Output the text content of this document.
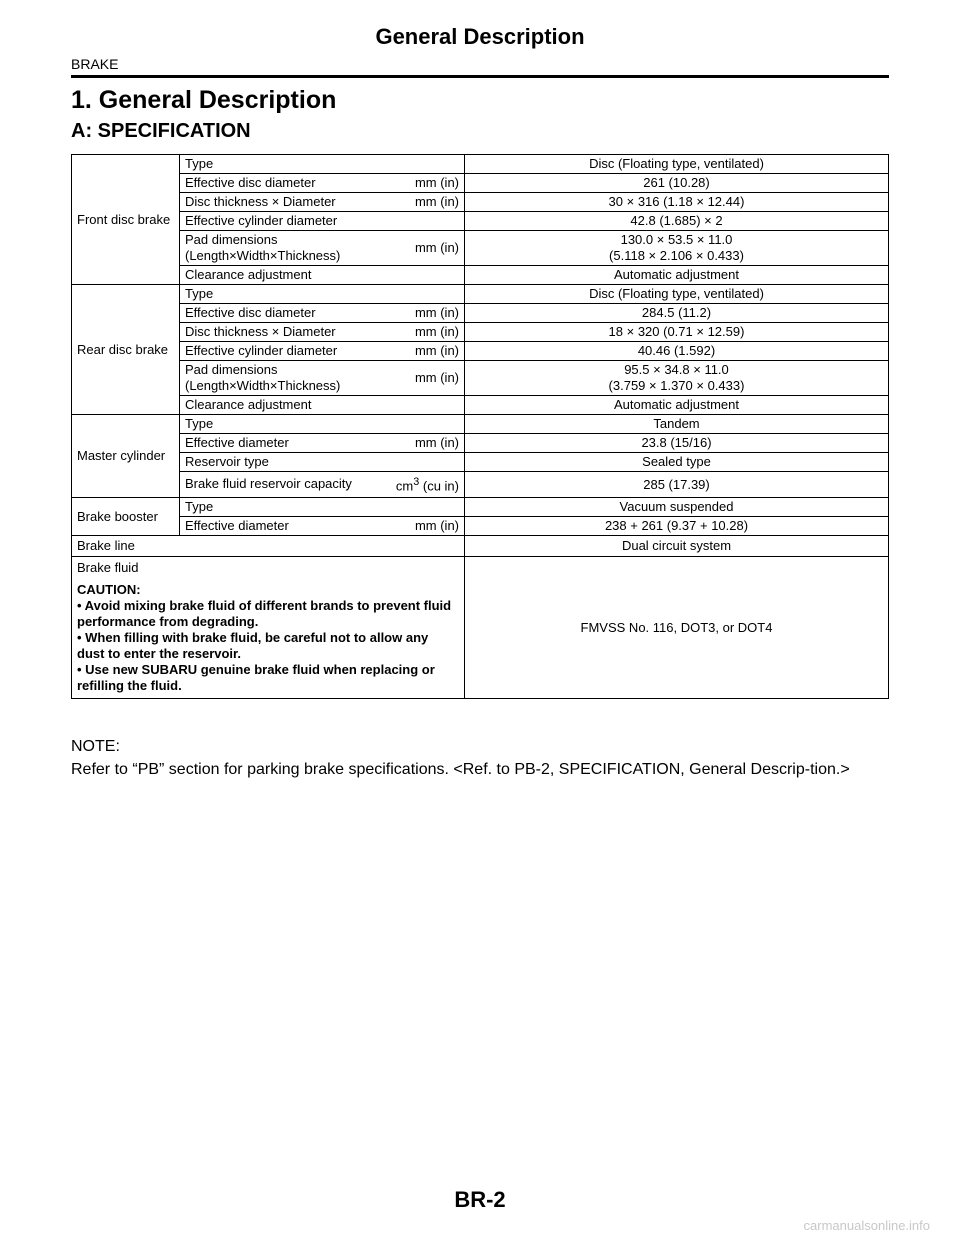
General Description
BRAKE
1. General Description
A: SPECIFICATION
Front disc brake	Type	Disc (Floating type, ventilated)

	Effective disc diameter mm (in)	261 (10.28)

	Disc thickness × Diameter mm (in)	30 × 316 (1.18 × 12.44)

	Effective cylinder diameter	42.8 (1.685) × 2

	Pad dimensions
(Length×Width×Thickness)
mm (in)	130.0 × 53.5 × 11.0
(5.118 × 2.106 × 0.433)

	Clearance adjustment	Automatic adjustment
Rear disc brake	Type	Disc (Floating type, ventilated)

	Effective disc diameter mm (in)	284.5 (11.2)

	Disc thickness × Diameter mm (in)	18 × 320 (0.71 × 12.59)

	Effective cylinder diameter mm (in)	40.46 (1.592)

	Pad dimensions
(Length×Width×Thickness)
mm (in)	95.5 × 34.8 × 11.0
(3.759 × 1.370 × 0.433)

	Clearance adjustment	Automatic adjustment
Master cylinder	Type	Tandem

	Effective diameter mm (in)	23.8 (15/16)

	Reservoir type	Sealed type

	Brake fluid reservoir capacity $cm^3$ (cu in)	285 (17.39)
Brake booster	Type	Vacuum suspended

	Effective diameter mm (in)	238 + 261 (9.37 + 10.28)
Brake line		Dual circuit system

Brake fluid
CAUTION:
• Avoid mixing brake fluid of different brands to prevent fluid performance from degrading.
• When filling with brake fluid, be careful not to allow any dust to enter the reservoir.
• Use new SUBARU genuine brake fluid when replacing or refilling the fluid.		FMVSS No. 116, DOT3, or DOT4
NOTE:
Refer to “PB” section for parking brake specifications. <Ref. to PB-2, SPECIFICATION, General Descrip-tion.>
BR-2
carmanualsonline.info
